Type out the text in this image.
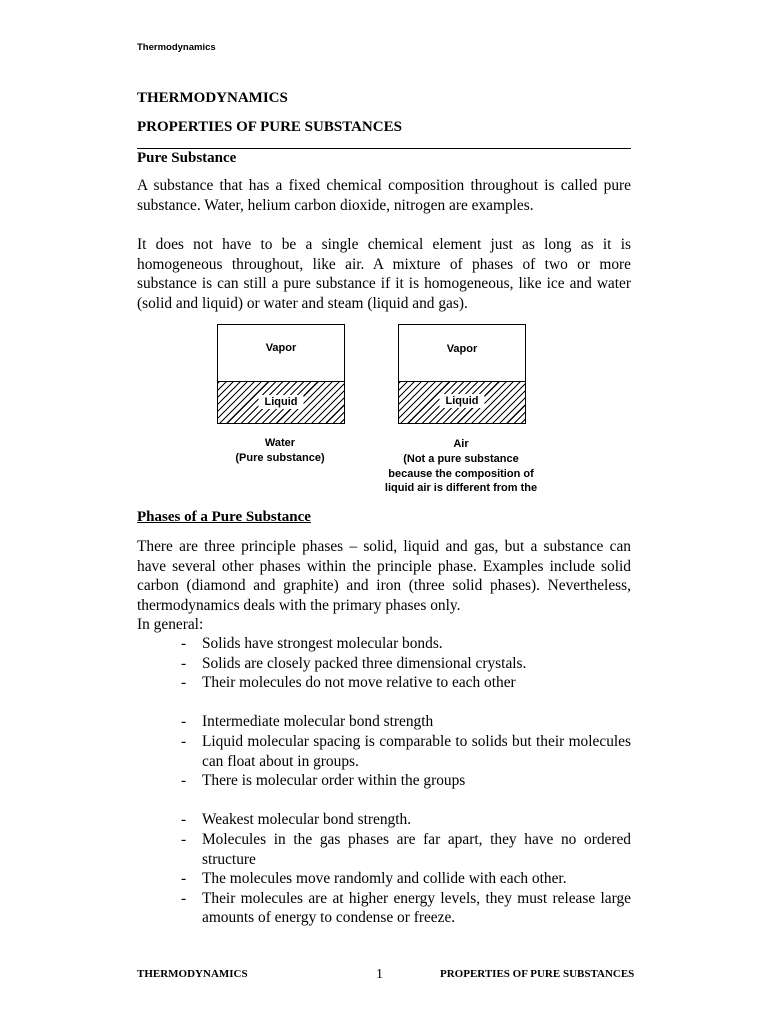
Thermodynamics
THERMODYNAMICS
PROPERTIES OF PURE SUBSTANCES
Pure Substance
A substance that has a fixed chemical composition throughout is called pure substance. Water, helium carbon dioxide, nitrogen are examples.
It does not have to be a single chemical element just as long as it is homogeneous throughout, like air. A mixture of phases of two or more substance is can still a pure substance if it is homogeneous, like ice and water (solid and liquid) or water and steam (liquid and gas).
Vapor
Liquid
Water
(Pure substance)
Vapor
Liquid
Air
(Not a pure substance
because the composition of
liquid air is different from the
Phases of a Pure Substance
There are three principle phases – solid, liquid and gas, but a substance can have several other phases within the principle phase. Examples include solid carbon (diamond and graphite) and iron (three solid phases). Nevertheless, thermodynamics deals with the primary phases only.
In general:
- Solids have strongest molecular bonds.
- Solids are closely packed three dimensional crystals.
- Their molecules do not move relative to each other
- Intermediate molecular bond strength
- Liquid molecular spacing is comparable to solids but their molecules can float about in groups.
- There is molecular order within the groups
- Weakest molecular bond strength.
- Molecules in the gas phases are far apart, they have no ordered structure
- The molecules move randomly and collide with each other.
- Their molecules are at higher energy levels, they must release large amounts of energy to condense or freeze.
THERMODYNAMICS	1	PROPERTIES OF PURE SUBSTANCES
